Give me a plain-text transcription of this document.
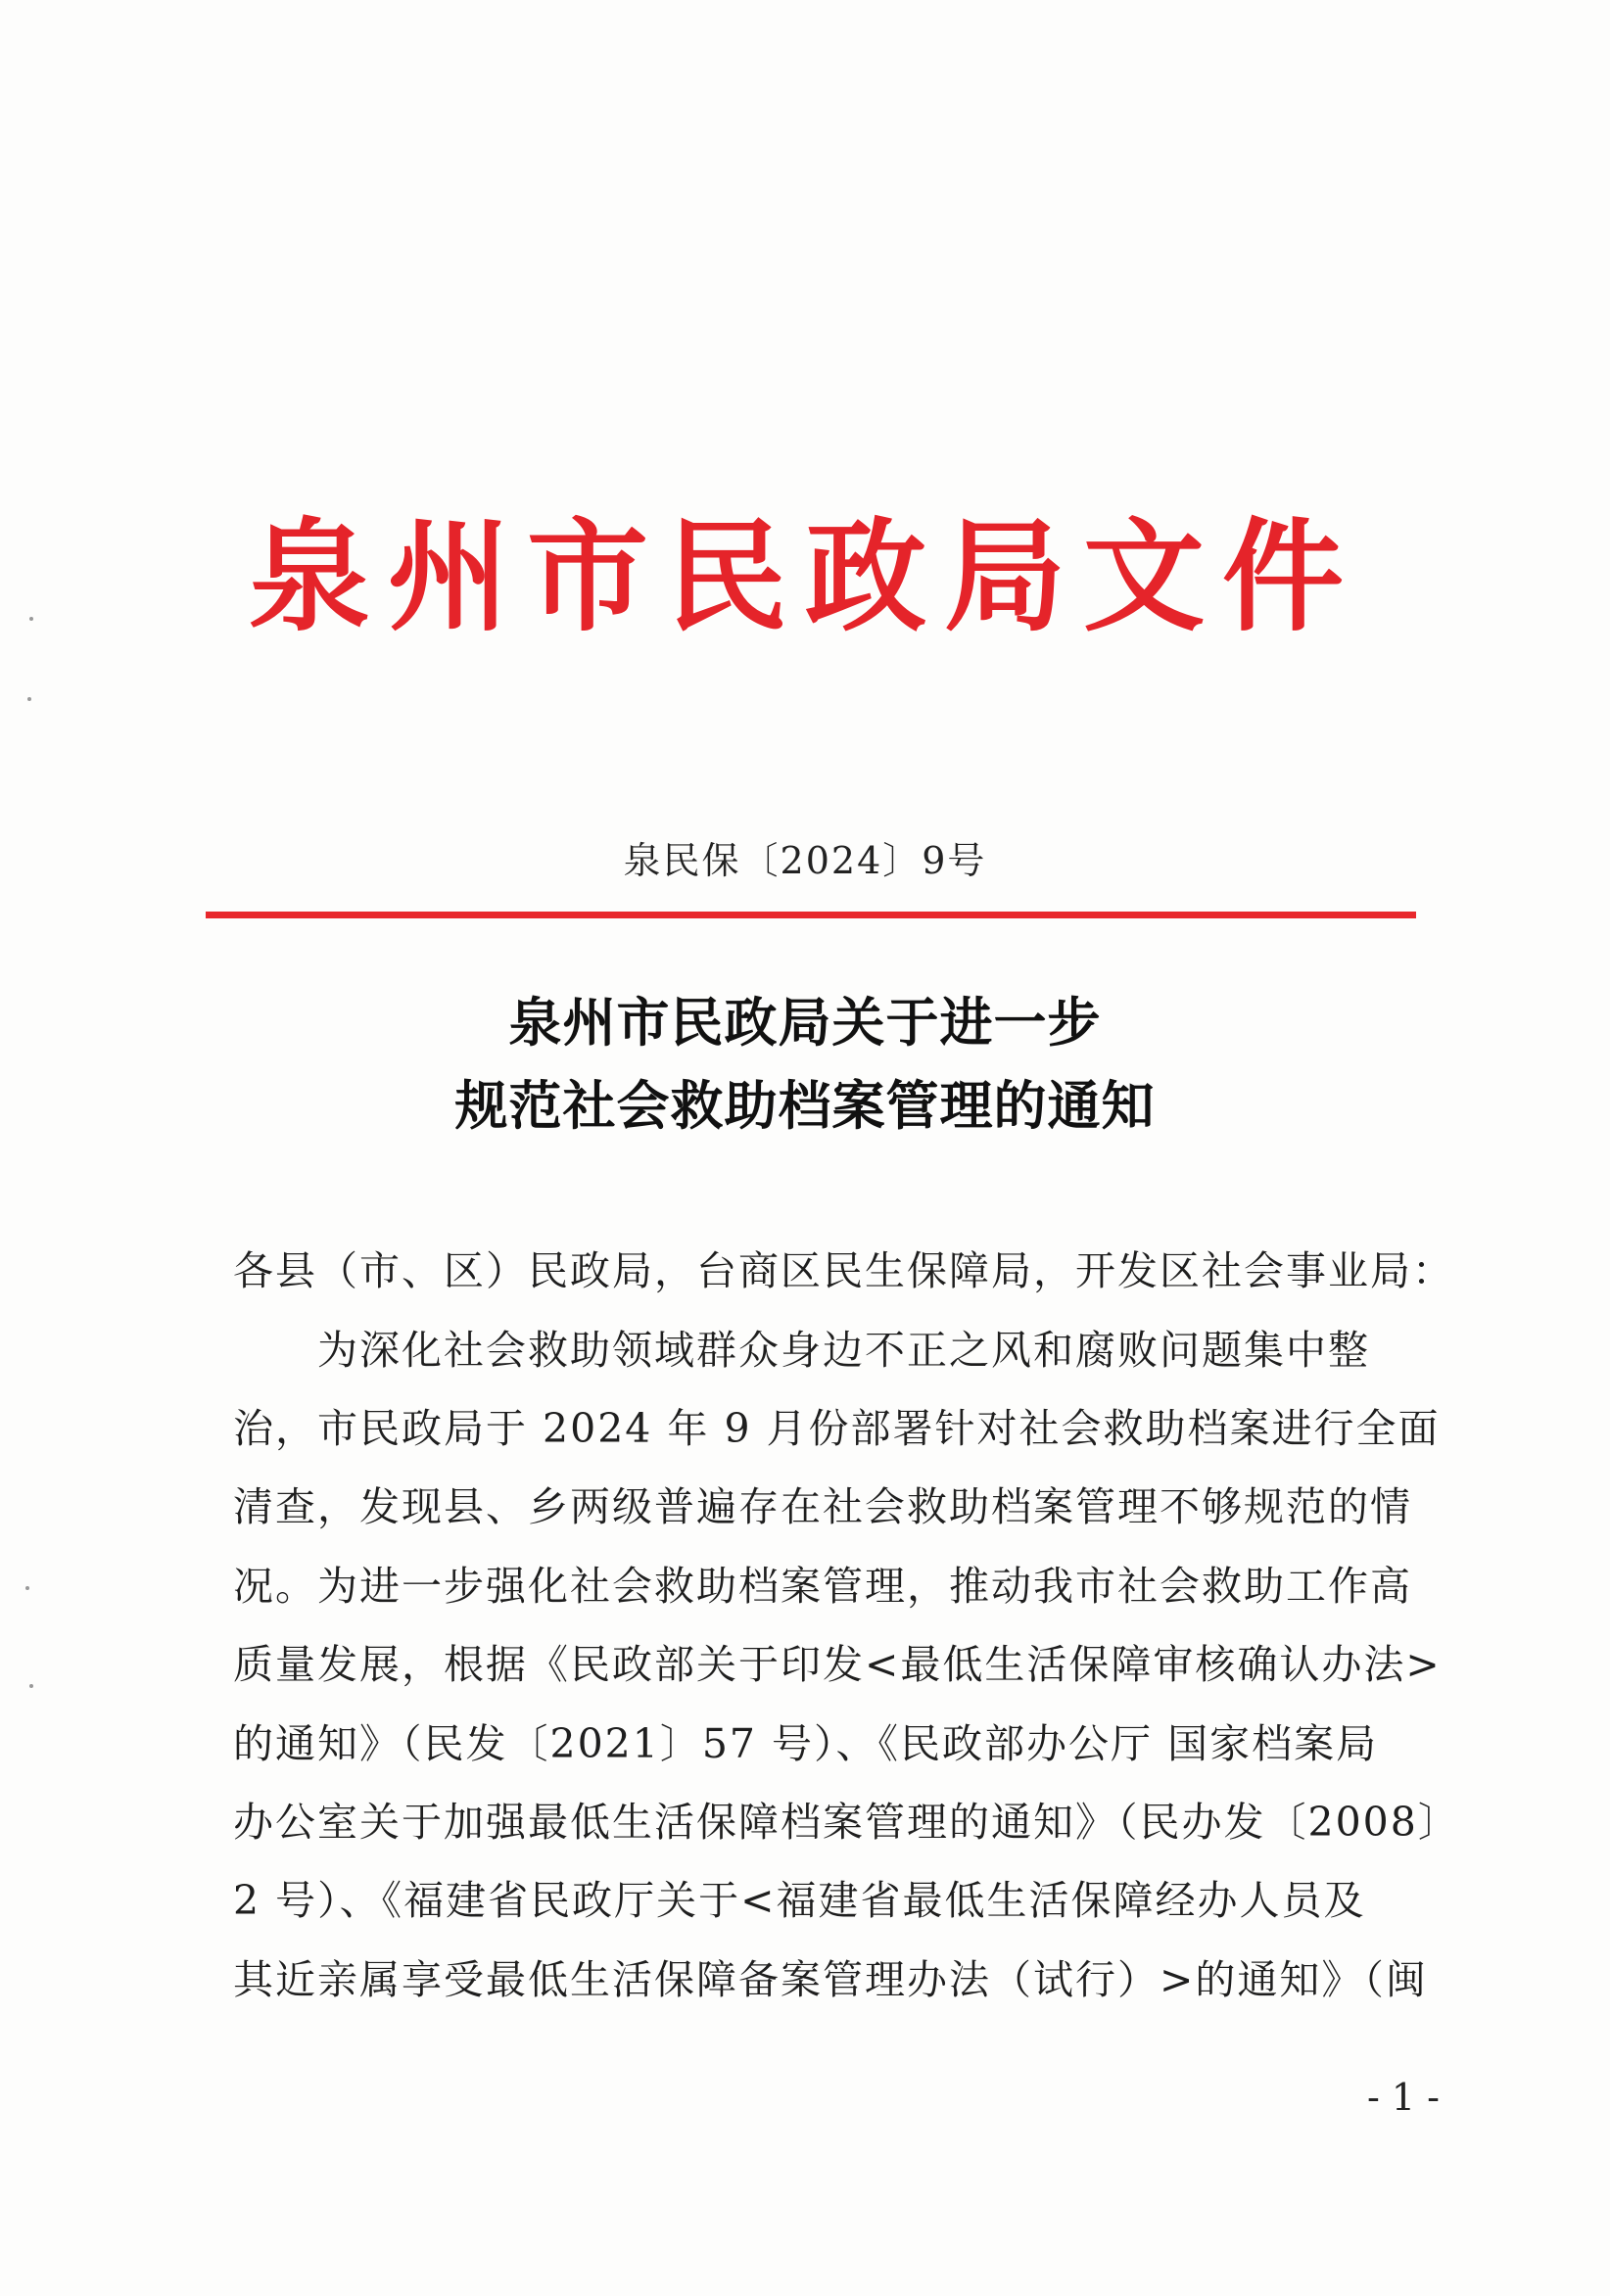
泉州市民政局文件
泉民保〔2024〕9号
泉州市民政局关于进一步
规范社会救助档案管理的通知
各县（市、区）民政局，台商区民生保障局，开发区社会事业局：
为深化社会救助领域群众身边不正之风和腐败问题集中整
治，市民政局于 2024 年 9 月份部署针对社会救助档案进行全面
清查，发现县、乡两级普遍存在社会救助档案管理不够规范的情
况。为进一步强化社会救助档案管理，推动我市社会救助工作高
质量发展，根据《民政部关于印发<最低生活保障审核确认办法>
的通知》（民发〔2021〕57 号）、《民政部办公厅 国家档案局
办公室关于加强最低生活保障档案管理的通知》（民办发〔2008〕
2 号）、《福建省民政厅关于<福建省最低生活保障经办人员及
其近亲属享受最低生活保障备案管理办法（试行）>的通知》（闽
- 1 -
